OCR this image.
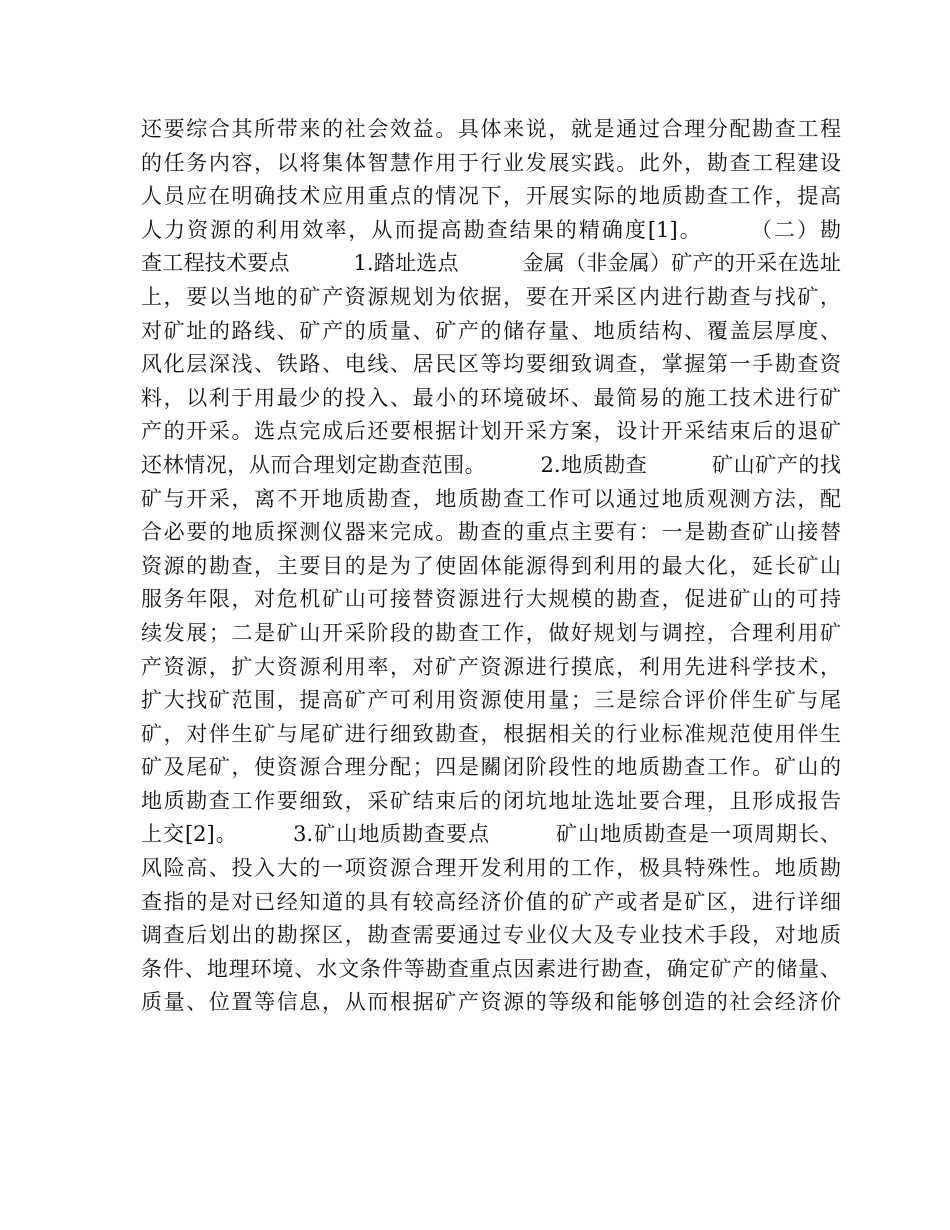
还要综合其所带来的社会效益。具体来说，就是通过合理分配勘查工程
的任务内容，以将集体智慧作用于行业发展实践。此外，勘查工程建设
人员应在明确技术应用重点的情况下，开展实际的地质勘查工作，提高
人力资源的利用效率，从而提高勘查结果的精确度[1]。　　　（二）勘
查工程技术要点　　　1.踏址选点　　　金属（非金属）矿产的开采在选址
上，要以当地的矿产资源规划为依据，要在开采区内进行勘查与找矿，
对矿址的路线、矿产的质量、矿产的储存量、地质结构、覆盖层厚度、
风化层深浅、铁路、电线、居民区等均要细致调查，掌握第一手勘查资
料，以利于用最少的投入、最小的环境破坏、最简易的施工技术进行矿
产的开采。选点完成后还要根据计划开采方案，设计开采结束后的退矿
还林情况，从而合理划定勘查范围。　　　2.地质勘查　　　矿山矿产的找
矿与开采，离不开地质勘查，地质勘查工作可以通过地质观测方法，配
合必要的地质探测仪器来完成。勘查的重点主要有：一是勘查矿山接替
资源的勘查，主要目的是为了使固体能源得到利用的最大化，延长矿山
服务年限，对危机矿山可接替资源进行大规模的勘查，促进矿山的可持
续发展；二是矿山开采阶段的勘查工作，做好规划与调控，合理利用矿
产资源，扩大资源利用率，对矿产资源进行摸底，利用先进科学技术，
扩大找矿范围，提高矿产可利用资源使用量；三是综合评价伴生矿与尾
矿，对伴生矿与尾矿进行细致勘查，根据相关的行业标准规范使用伴生
矿及尾矿，使资源合理分配；四是關闭阶段性的地质勘查工作。矿山的
地质勘查工作要细致，采矿结束后的闭坑地址选址要合理，且形成报告
上交[2]。　　　3.矿山地质勘查要点　　　矿山地质勘查是一项周期长、
风险高、投入大的一项资源合理开发利用的工作，极具特殊性。地质勘
查指的是对已经知道的具有较高经济价值的矿产或者是矿区，进行详细
调查后划出的勘探区，勘查需要通过专业仪大及专业技术手段，对地质
条件、地理环境、水文条件等勘查重点因素进行勘查，确定矿产的储量、
质量、位置等信息，从而根据矿产资源的等级和能够创造的社会经济价
